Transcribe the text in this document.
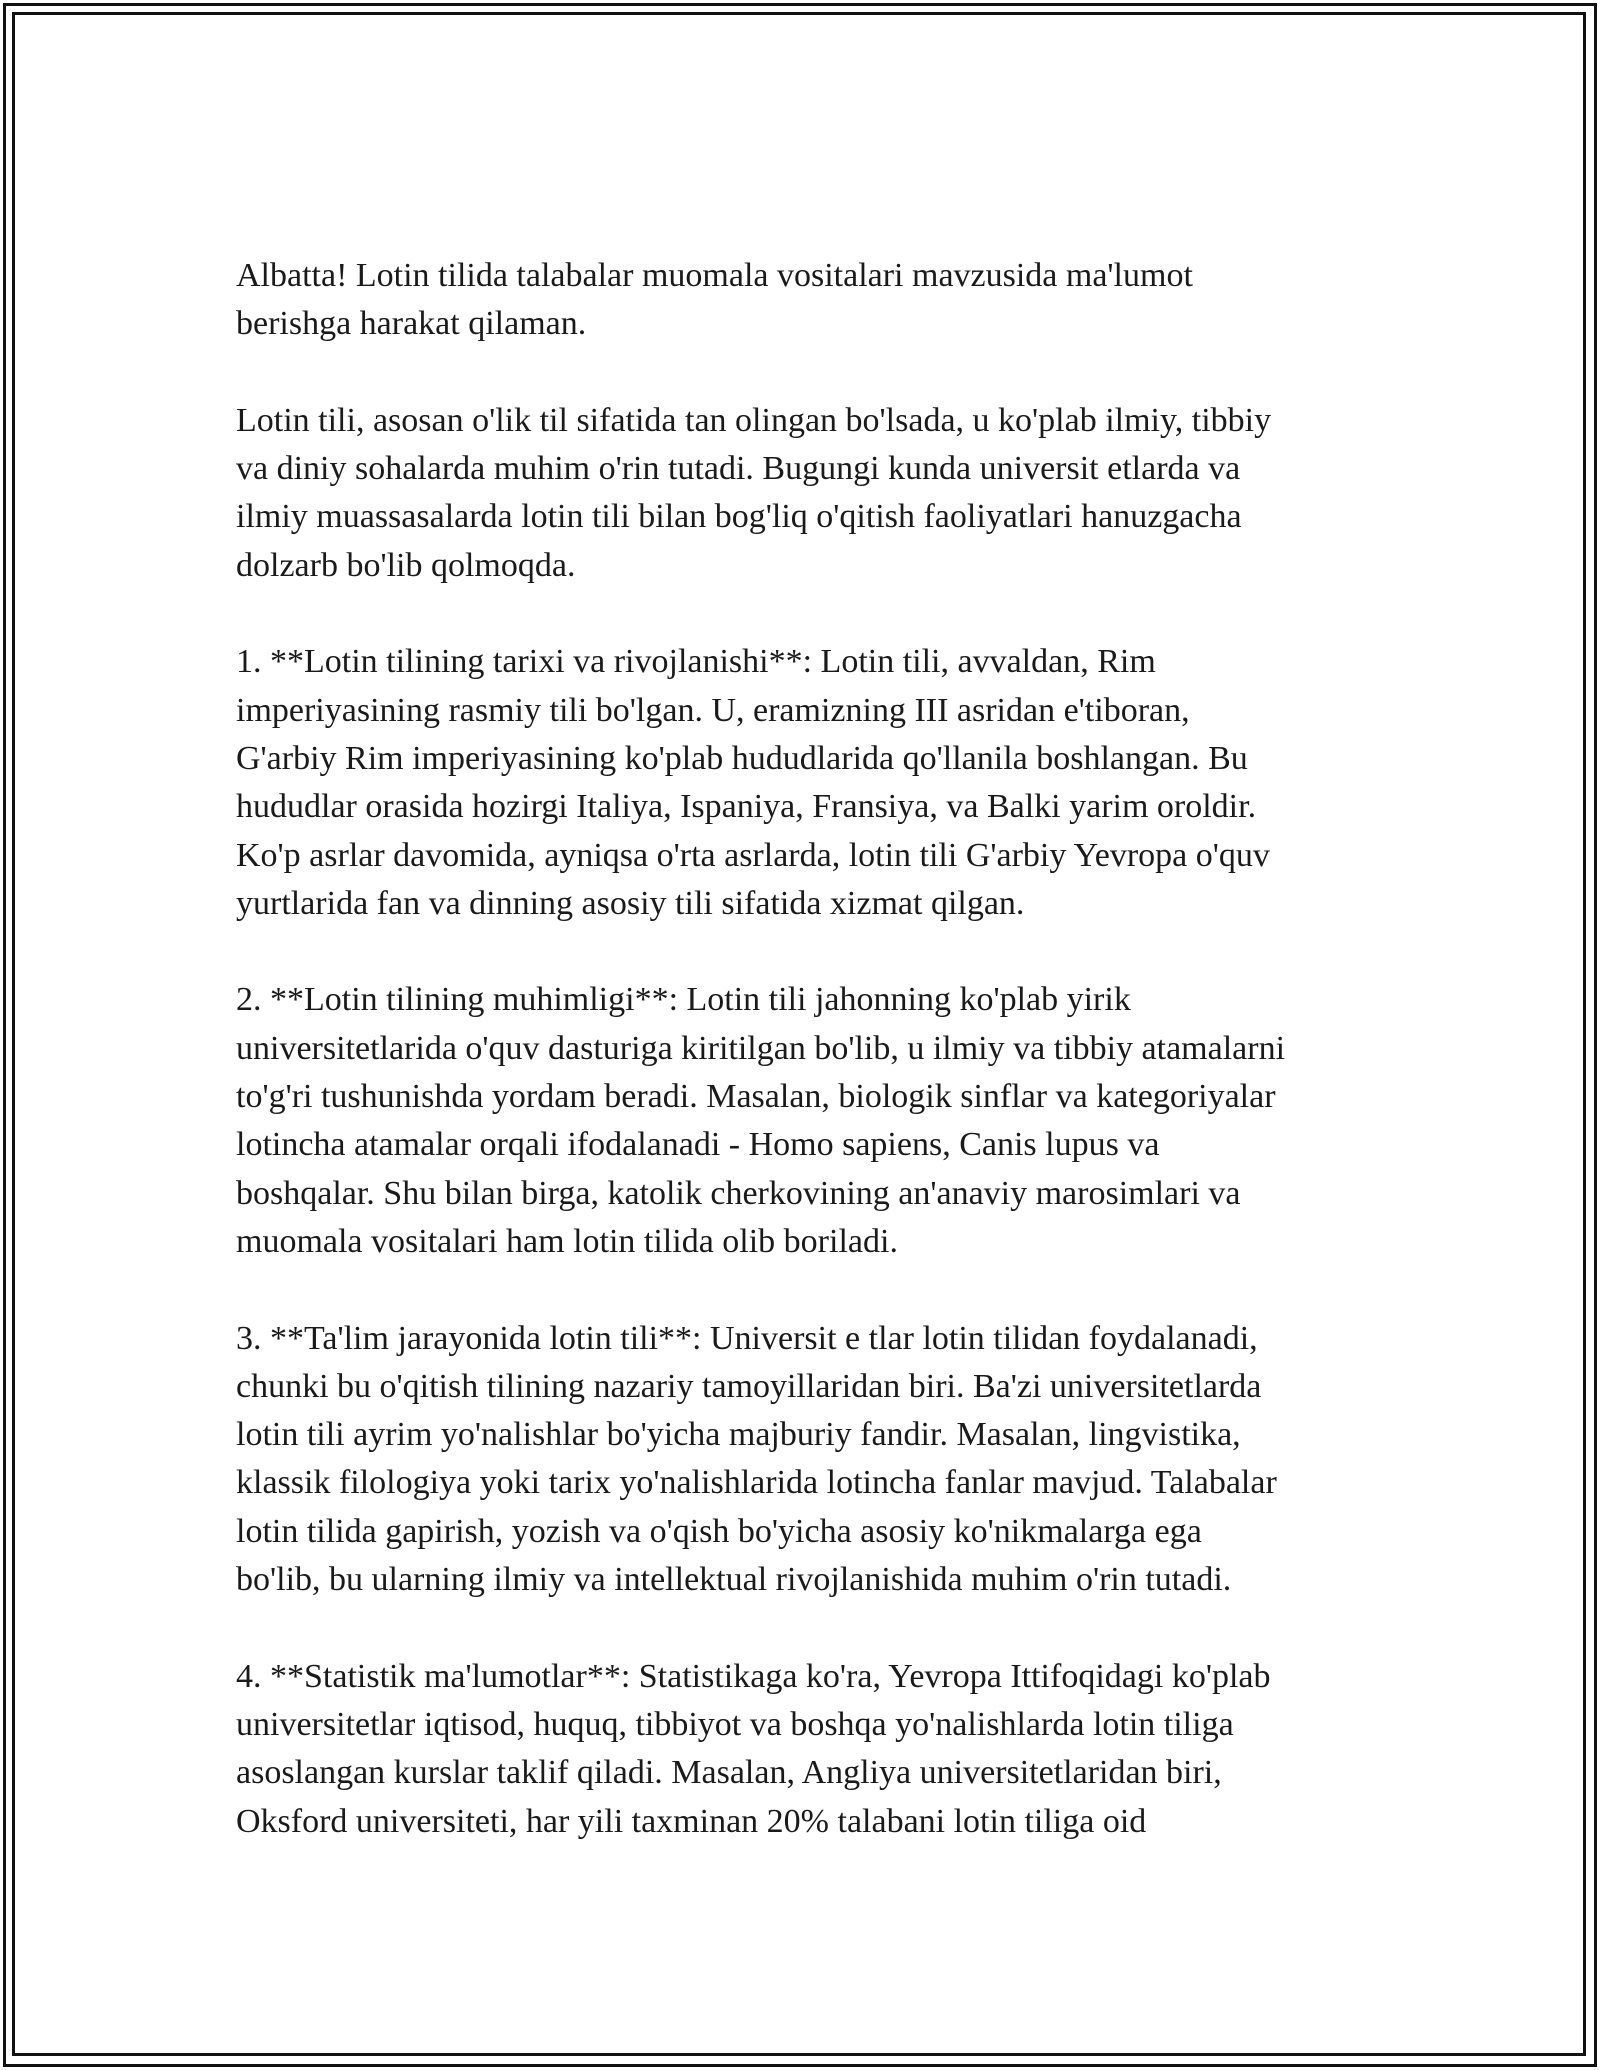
Albatta! Lotin tilida talabalar muomala vositalari mavzusida ma'lumot
berishga harakat qilaman.

Lotin tili, asosan o'lik til sifatida tan olingan bo'lsada, u ko'plab ilmiy, tibbiy
va diniy sohalarda muhim o'rin tutadi. Bugungi kunda universit etlarda va
ilmiy muassasalarda lotin tili bilan bog'liq o'qitish faoliyatlari hanuzgacha
dolzarb bo'lib qolmoqda.

1. **Lotin tilining tarixi va rivojlanishi**: Lotin tili, avvaldan, Rim
imperiyasining rasmiy tili bo'lgan. U, eramizning III asridan e'tiboran,
G'arbiy Rim imperiyasining ko'plab hududlarida qo'llanila boshlangan. Bu
hududlar orasida hozirgi Italiya, Ispaniya, Fransiya, va Balki yarim oroldir.
Ko'p asrlar davomida, ayniqsa o'rta asrlarda, lotin tili G'arbiy Yevropa o'quv
yurtlarida fan va dinning asosiy tili sifatida xizmat qilgan.

2. **Lotin tilining muhimligi**: Lotin tili jahonning ko'plab yirik
universitetlarida o'quv dasturiga kiritilgan bo'lib, u ilmiy va tibbiy atamalarni
to'g'ri tushunishda yordam beradi. Masalan, biologik sinflar va kategoriyalar
lotincha atamalar orqali ifodalanadi - Homo sapiens, Canis lupus va
boshqalar. Shu bilan birga, katolik cherkovining an'anaviy marosimlari va
muomala vositalari ham lotin tilida olib boriladi.

3. **Ta'lim jarayonida lotin tili**: Universit e tlar lotin tilidan foydalanadi,
chunki bu o'qitish tilining nazariy tamoyillaridan biri. Ba'zi universitetlarda
lotin tili ayrim yo'nalishlar bo'yicha majburiy fandir. Masalan, lingvistika,
klassik filologiya yoki tarix yo'nalishlarida lotincha fanlar mavjud. Talabalar
lotin tilida gapirish, yozish va o'qish bo'yicha asosiy ko'nikmalarga ega
bo'lib, bu ularning ilmiy va intellektual rivojlanishida muhim o'rin tutadi.

4. **Statistik ma'lumotlar**: Statistikaga ko'ra, Yevropa Ittifoqidagi ko'plab
universitetlar iqtisod, huquq, tibbiyot va boshqa yo'nalishlarda lotin tiliga
asoslangan kurslar taklif qiladi. Masalan, Angliya universitetlaridan biri,
Oksford universiteti, har yili taxminan 20% talabani lotin tiliga oid
